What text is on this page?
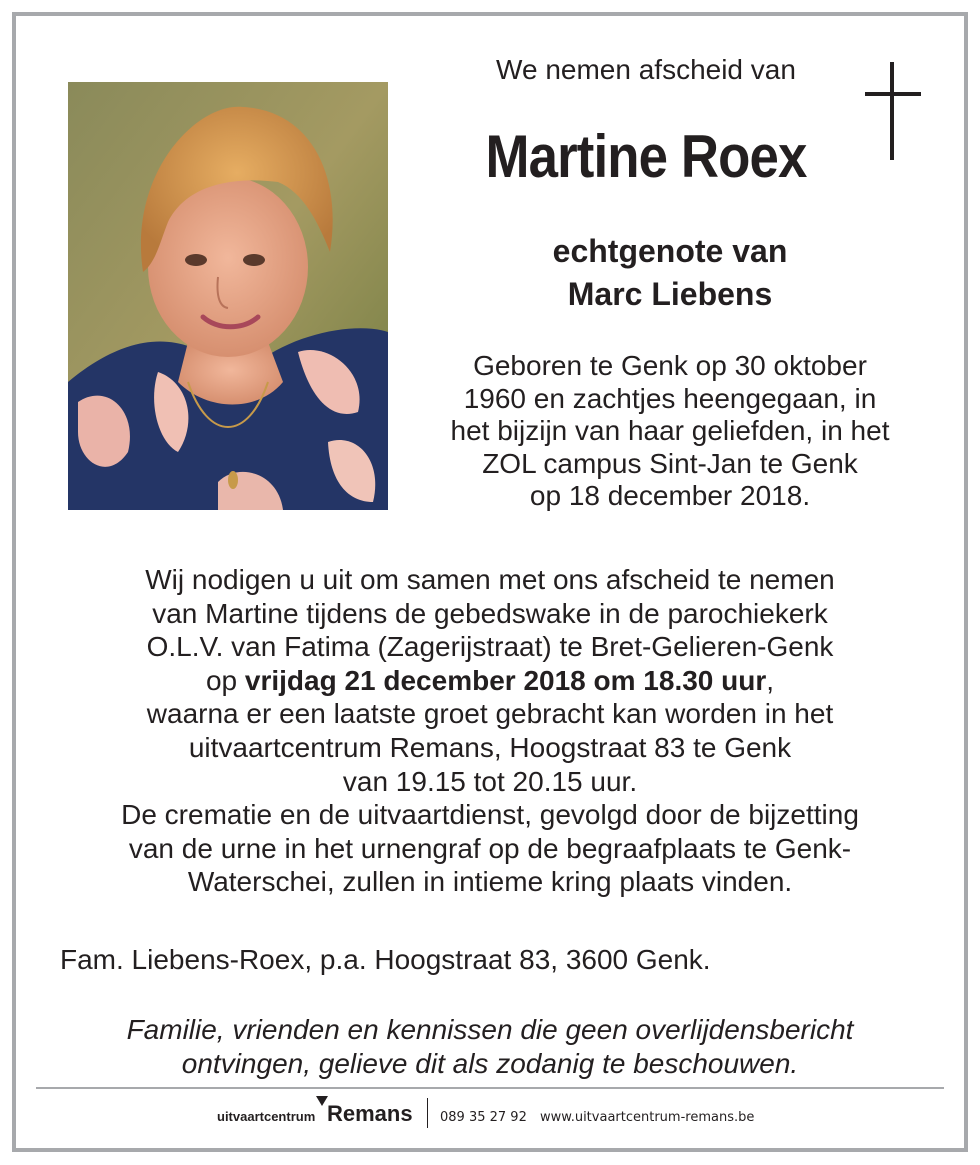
We nemen afscheid van
Martine Roex
echtgenote van
Marc Liebens
Geboren te Genk op 30 oktober
1960 en zachtjes heengegaan, in
het bijzijn van haar geliefden, in het
ZOL campus Sint-Jan te Genk
op 18 december 2018.

Wij nodigen u uit om samen met ons afscheid te nemen

van Martine tijdens de gebedswake in de parochiekerk

O.L.V. van Fatima (Zagerijstraat) te Bret-Gelieren-Genk

op vrijdag 21 december 2018 om 18.30 uur,

waarna er een laatste groet gebracht kan worden in het

uitvaartcentrum Remans, Hoogstraat 83 te Genk

van 19.15 tot 20.15 uur.

De crematie en de uitvaartdienst, gevolgd door de bijzetting

van de urne in het urnengraf op de begraafplaats te Genk-

Waterschei, zullen in intieme kring plaats vinden.

Fam. Liebens-Roex, p.a. Hoogstraat 83, 3600 Genk.
Familie, vrienden en kennissen die geen overlijdensbericht
ontvingen, gelieve dit als zodanig te beschouwen.
uitvaartcentrum Remans 089 35 27 92 www.uitvaartcentrum-remans.be
